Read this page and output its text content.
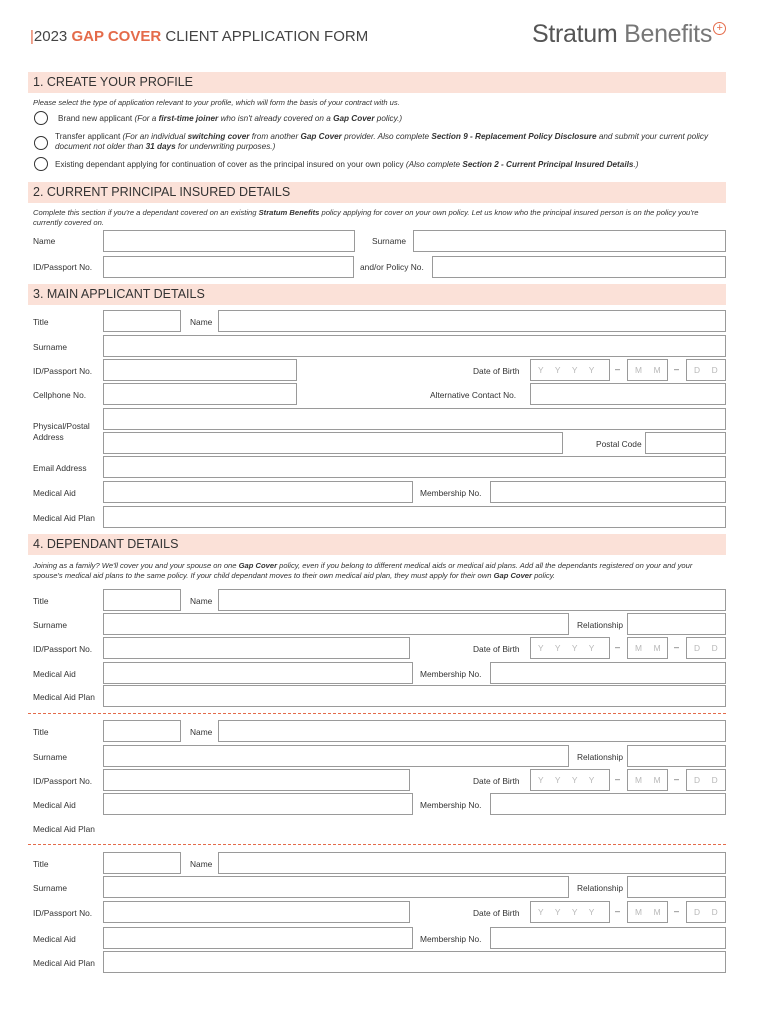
|2023 GAP COVER CLIENT APPLICATION FORM	Stratum Benefits +
1. CREATE YOUR PROFILE
Please select the type of application relevant to your profile, which will form the basis of your contract with us.
Brand new applicant (For a first-time joiner who isn't already covered on a Gap Cover policy.)
Transfer applicant (For an individual switching cover from another Gap Cover provider. Also complete Section 9 - Replacement Policy Disclosure and submit your current policy document not older than 31 days for underwriting purposes.)
Existing dependant applying for continuation of cover as the principal insured on your own policy (Also complete Section 2 - Current Principal Insured Details.)
2. CURRENT PRINCIPAL INSURED DETAILS
Complete this section if you're a dependant covered on an existing Stratum Benefits policy applying for cover on your own policy. Let us know who the principal insured person is on the policy you're currently covered on.
Name	Surname
ID/Passport No.	and/or Policy No.
3. MAIN APPLICANT DETAILS
Title	Name
Surname
ID/Passport No.	Date of Birth Y     Y     Y     Y – M     M – D     D
Cellphone No.	Alternative Contact No.
Physical/Postal Address
Postal Code
Email Address
Medical Aid	Membership No.
Medical Aid Plan
4. DEPENDANT DETAILS
Joining as a family? We'll cover you and your spouse on one Gap Cover policy, even if you belong to different medical aids or medical aid plans. Add all the dependants registered on your and your spouse's medical aid plans to the same policy. If your child dependant moves to their own medical aid plan, they must apply for their own Gap Cover policy.
Title	Name
Surname	Relationship
ID/Passport No.	Date of Birth Y     Y     Y     Y – M     M – D     D
Medical Aid	Membership No.
Medical Aid Plan
Title	Name
Surname	Relationship
ID/Passport No.	Date of Birth Y     Y     Y     Y – M     M – D     D
Medical Aid	Membership No.
Medical Aid Plan
Title	Name
Surname	Relationship
ID/Passport No.	Date of Birth Y     Y     Y     Y – M     M – D     D
Medical Aid	Membership No.
Medical Aid Plan
